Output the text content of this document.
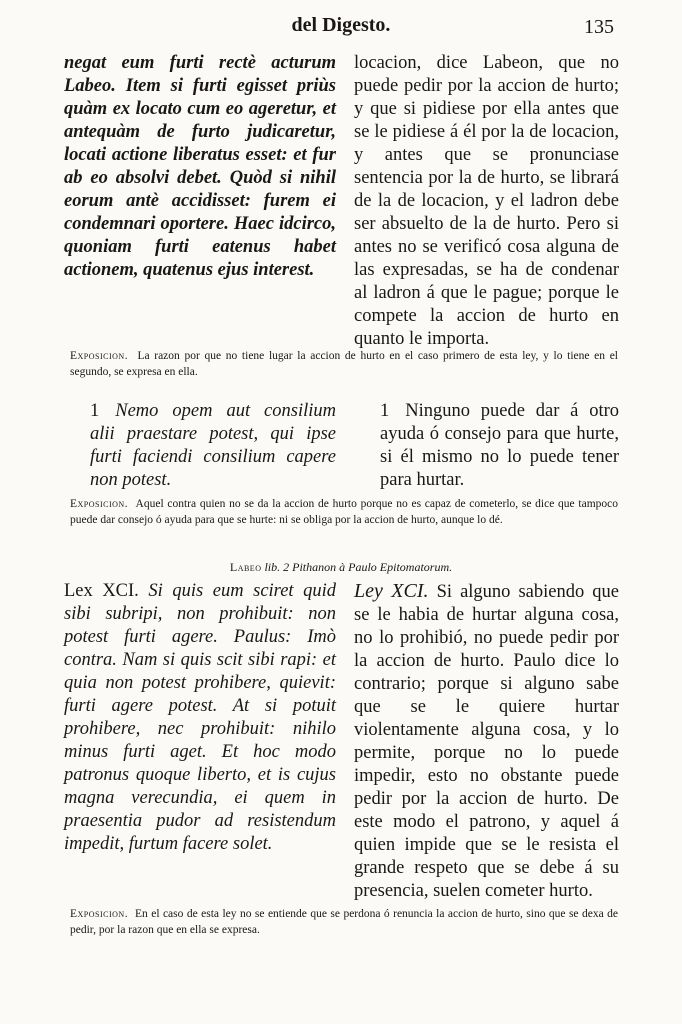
del Digesto.	135

negat eum furti rectè acturum Labeo. Item si furti egisset priùs quàm ex locato cum eo ageretur, et antequàm de furto judicaretur, locati actione liberatus esset: et fur ab eo absolvi debet. Quòd si nihil eorum antè accidisset: furem ei condemnari oportere. Haec idcirco, quoniam furti eatenus habet actionem, quatenus ejus interest.

locacion, dice Labeon, que no puede pedir por la accion de hurto; y que si pidiese por ella antes que se le pidiese á él por la de locacion, y antes que se pronunciase sentencia por la de hurto, se librará de la de locacion, y el ladron debe ser absuelto de la de hurto. Pero si antes no se verificó cosa alguna de las expresadas, se ha de condenar al ladron á que le pague; porque le compete la accion de hurto en quanto le importa.

Exposicion. La razon por que no tiene lugar la accion de hurto en el caso primero de esta ley, y lo tiene en el segundo, se expresa en ella.

1 Nemo opem aut consilium alii praestare potest, qui ipse furti faciendi consilium capere non potest.

1 Ninguno puede dar á otro ayuda ó consejo para que hurte, si él mismo no lo puede tener para hurtar.

Exposicion. Aquel contra quien no se da la accion de hurto porque no es capaz de cometerlo, se dice que tampoco puede dar consejo ó ayuda para que se hurte: ni se obliga por la accion de hurto, aunque lo dé.

Labeo lib. 2 Pithanon à Paulo Epitomatorum.

Lex XCI. Si quis eum sciret quid sibi subripi, non prohibuit: non potest furti agere. Paulus: Imò contra. Nam si quis scit sibi rapi: et quia non potest prohibere, quievit: furti agere potest. At si potuit prohibere, nec prohibuit: nihilo minus furti aget. Et hoc modo patronus quoque liberto, et is cujus magna verecundia, ei quem in praesentia pudor ad resistendum impedit, furtum facere solet.

Ley XCI. Si alguno sabiendo que se le habia de hurtar alguna cosa, no lo prohibió, no puede pedir por la accion de hurto. Paulo dice lo contrario; porque si alguno sabe que se le quiere hurtar violentamente alguna cosa, y lo permite, porque no lo puede impedir, esto no obstante puede pedir por la accion de hurto. De este modo el patrono, y aquel á quien impide que se le resista el grande respeto que se debe á su presencia, suelen cometer hurto.

Exposicion. En el caso de esta ley no se entiende que se perdona ó renuncia la accion de hurto, sino que se dexa de pedir, por la razon que en ella se expresa.
